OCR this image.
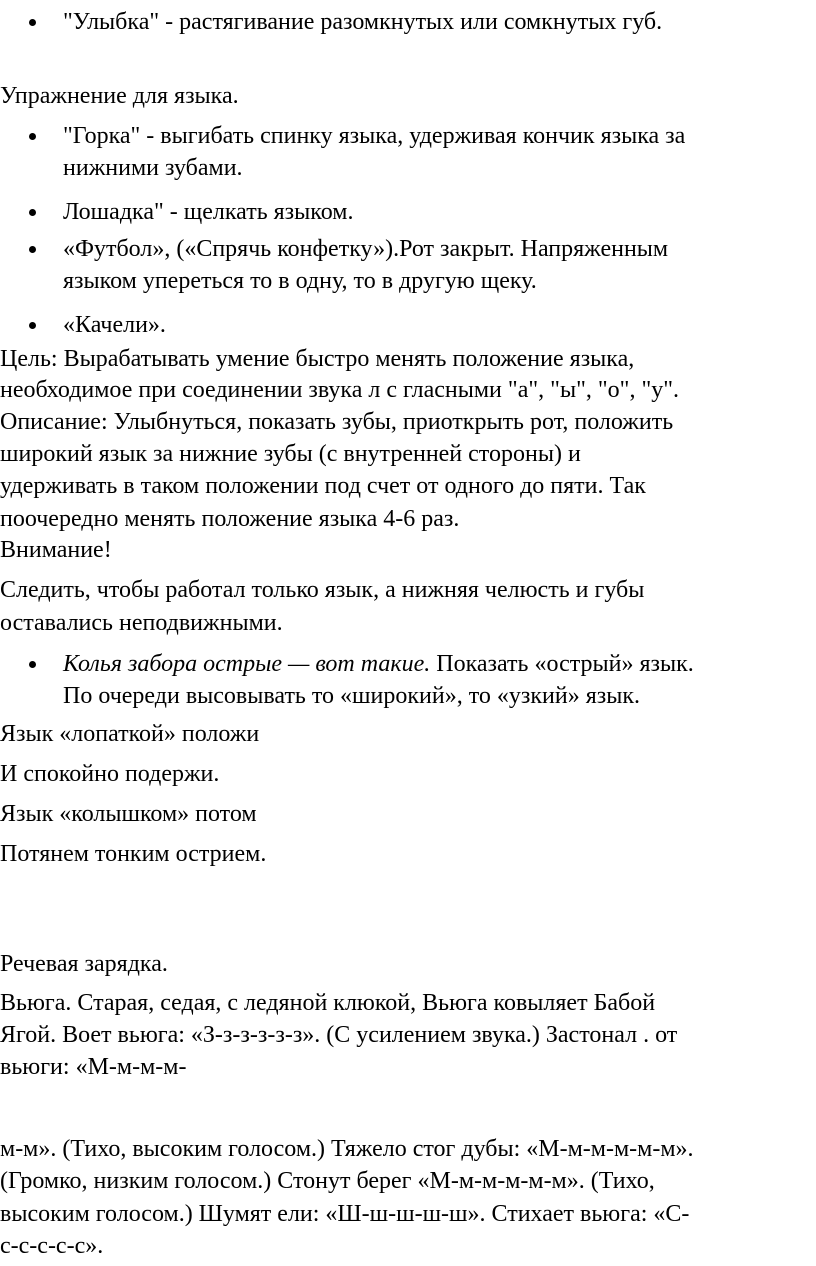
"Улыбка" - растягивание разомкнутых или сомкнутых губ.

Упражнение для языка.

"Горка" - выгибать спинку языка, удерживая кончик языка за

нижними зубами.

Лошадка" - щелкать языком.

«Футбол», («Спрячь конфетку»).Рот закрыт. Напряженным

языком упереться то в одну, то в другую щеку.

«Качели».

Цель: Вырабатывать умение быстро менять положение языка,

необходимое при соединении звука л с гласными "а", "ы", "о", "у".

Описание: Улыбнуться, показать зубы, приоткрыть рот, положить

широкий язык за нижние зубы (с внутренней стороны) и

удерживать в таком положении под счет от одного до пяти. Так

поочередно менять положение языка 4-6 раз.

Внимание!

Следить, чтобы работал только язык, а нижняя челюсть и губы

оставались неподвижными.

Колья забора острые — вот такие. Показать «острый» язык.

По очереди высовывать то «широкий», то «узкий» язык.

Язык «лопаткой» положи

И спокойно подержи.

Язык «колышком» потом

Потянем тонким острием.

Речевая зарядка.

Вьюга. Старая, седая, с ледяной клюкой, Вьюга ковыляет Бабой

Ягой. Воет вьюга: «З-з-з-з-з-з». (С усилением звука.) Застонал . от

вьюги: «М-м-м-м-

м-м». (Тихо, высоким голосом.) Тяжело стог дубы: «М-м-м-м-м-м».

(Громко, низким голосом.) Стонут берег «М-м-м-м-м-м». (Тихо,

высоким голосом.) Шумят ели: «Ш-ш-ш-ш-ш». Стихает вьюга: «С-

с-с-с-с-с».
